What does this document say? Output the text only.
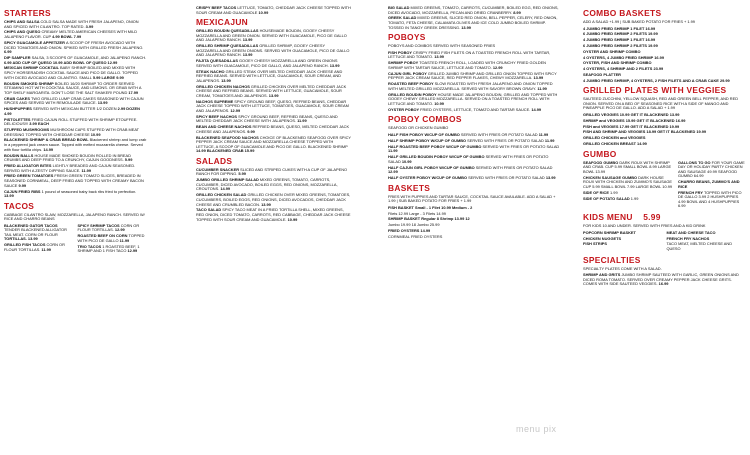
STARTERS
CHIPS AND SALSA COLD SALSA MADE WITH FRESH JALAPENO, ONION AND SPICED WITH CILANTRO. TOP RATED. 3.99
CHIPS AND QUESO CREAMY MELTED AMERICAN CHEESES WITH MILD JALAPENO FLAVOR. CUP 4.99 BOWL 7.99
SPICY GUACAMOLE APPETIZER A SCOOP OF FRESH AVOCADO WITH DICED TOMATOES AND ONION. SPIKED WITH GRILLED FRESH JALAPENO. 6.99
DIP SAMPLER SALSA, 3 SCOOPS OF GUACAMOLE, AND JALAPENO RANCH. 6.99 ADD CUP OF QUESO 10.99 ADD BOWL OF QUESO 12.99
MEXICAN SHRIMP COCKTAIL BABY SHRIMP BOILED AND MIXED WITH SPICY HORSERADISH COCKTAIL SAUCE AND PICO DE GALLO. TOPPED WITH DICED AVOCADO AND CILANTRO. SMALL 5.99 LARGE 9.99
BOUDIN SMOKED SHRIMP BOILED 16/20 SHRIMP TO ORDER SERVED STEAMING HOT WITH COCKTAIL SAUCE, AND LEMONS. OR GRAB WITH A TOP SHELF MARGARITA. DON'T LOSE THE SALT SHAKER! POUND 17.99
CRAB CAKES TWO GRILLED LUMP CRAB CAKES SEASONED WITH CAJUN SPICES AND SERVED WITH REMOULADE SAUCE. 13.99
HUSHPUPPIES SERVED WITH MEXICAN BUTTER 1/2 DOZEN 2.99 DOZEN 4.99
PISTOLETTES FRIED CAJUN ROLL STUFFED WITH SHRIMP ETOUFFEE. DELICIOUS!!! 3.99 EACH
STUFFED MUSHROOMS MUSHROOM CAPS STUFFED WITH CRAB MEAT DRESSING TOPPED WITH CHEDDAR CHEESE 10.99
BLACKENED SHRIMP & CRAB BREAD BOWL Blackened shrimp and lump crab in a peppered jack cream sauce. Topped with melted mozzarella cheese. Served with flour tortilla chips. 14.99
BOUDIN BALLS HOUSE MADE SMOKED BOUDIN ROLLED IN BREAD CRUMBS AND DEEP FRIED TO A CRUNCHY, CAJUN GOODNESS. 5.99
FRIED ALLIGATOR BITES LIGHTLY BREADED AND CAJUN SEASONED. SERVED WITH A ZESTY DIPPING SAUCE. 11.99
FRIED GREEN TOMATOES FRESH GREEN TOMATO SLICES, BREADED IN SEASONED CORNMEAL, DEEP FRIED AND TOPPED WITH CREAMY BACON SAUCE 9.99
CAJUN FRIED RIBS 1 pound of seasoned baby back ribs fried to perfection. 13.99
TACOS
CABBAGE CILANTRO SLAW, MOZZARELLA, JALAPENO RANCH. SERVED W/ RICE AND CHARRO BEANS
BLACKENED GATOR TACOS TENDER BLACKENED ALLIGATOR TAIL MEAT. CORN OR FLOUR TORTILLAS. 13.99
GRILLED FISH TACOS CORN OR FLOUR TORTILLAS. 11.99
SPICY SHRIMP TACOS CORN OR FLOUR TORTILLAS. 12.99
ROASTED BEEF ON CORN TOPPED WITH PICO DE GALLO 11.99
TRIO TACOS 1 ROASTED BEEF, 1 SHRIMP AND 1 FISH TACO 12.99
CRISPY BEEF TACOS LETTUCE, TOMATO, CHEDDAR JACK CHEESE TOPPED WITH SOUR CREAM AND GUACAMOLE 10.99
MEXICAJUN
GRILLED BOUDIN QUESADILLAS HOUSEMADE BOUDIN, GOOEY CHEESY MOZZARELLA AND GREEN ONION. SERVED WITH GUACAMOLE, PICO DE GALLO AND JALAPENO RANCH. 13.99
GRILLED SHRIMP QUESADILLAS GRILLED SHRIMP, GOOEY CHEESY MOZZARELLA AND GREEN ONIONS. SERVED WITH GUACAMOLE, PICO DE GALLO AND JALAPENO RANCH. 13.99
FAJITA QUESADILLAS GOOEY CHEESY MOZZARELLA AND GREEN ONIONS SERVED WITH GUACAMOLE, PICO DE GALLO, AND JALAPENO RANCH. 13.99
STEAK NACHO GRILLED STEAK OVER MELTED CHEDDAR JACK CHEESE AND REFRIED BEANS. SERVED WITH LETTUCE, GUACAMOLE, SOUR CREAM, AND JALAPENOS. 13.99
GRILLED CHICKEN NACHOS GRILLED CHICKEN OVER MELTED CHEDDAR JACK CHEESE AND REFRIED BEANS. SERVED WITH LETTUCE, GUACAMOLE, SOUR CREAM, TOMATOES AND JALAPENOS. 13.99
NACHOS SUPREME SPICY GROUND BEEF, QUESO, REFRIED BEANS, CHEDDAR JACK CHEESE TOPPED WITH LETTUCE, TOMATOES, GUACAMOLE, SOUR CREAM AND JALAPENOS. 12.99
SPICY BEEF NACHOS SPICY GROUND BEEF, REFRIED BEANS, QUESO AND MELTED CHEDDAR JACK CHEESE WITH JALAPENOS. 11.99
BEAN AND CHEESE NACHOS REFRIED BEANS, QUESO, MELTED CHEDDAR JACK CHEESE AND JALAPENOS. 9.99
BLACKENED SEAFOOD NACHOS CHOICE OF BLACKENED SEAFOOD OVER SPICY PEPPER JACK CREAM SAUCE AND MOZZARELLA CHEESE TOPPED WITH LETTUCE, A SCOOP OF GUACAMOLE AND PICO DE GALLO. BLACKENED SHRIMP 14.99 BLACKENED CRAB 15.99
SALADS
CUCUMBER SNACKER SLICED AND STRIPED CUKES WITH A CUP OF JALAPENO RANCH FOR DIPPING. 5.99
JUMBO GRILLED SHRIMP SALAD MIXED GREENS, TOMATO, CARROTS, CUCUMBER, DICED AVOCADO, BOILED EGGS, RED ONIONS, MOZZARELLA, CROUTONS. 14.99
GRILLED CHICKEN SALAD GRILLED CHICKEN OVER MIXED GREENS, TOMATOES, CUCUMBERS, BOILED EGGS, RED ONIONS, DICED AVOCADOS, CHEDDAR JACK CHEESE AND CRUMBLED BACON. 13.99
TACO SALAD SPICY TACO MEAT IN A FRIED TORTILLA SHELL, MIXED GREENS, RED ONION, DICED TOMATO, CARROTS, RED CABBAGE, CHEDDAR JACK CHEESE TOPPED WITH SOUR CREAM AND GUACAMOLE. 10.99
BIG SALAD MIXED GREENS, TOMATO, CARROTS, CUCUMBER, BOILED EGG, RED ONIONS, DICED AVOCADO, MOZZARELLA, PECAN AND DRIED CRANBERRY. 8.99
GREEK SALAD MIXED GREENS, SLICED RED ONION, BELL PEPPER, CELERY, RED ONION, TOMATO, FETA CHEESE, CALAMATA OLIVES AND ICE COLD JUMBO BOILED SHRIMP. TOSSED IN TANGY GREEK DRESSING. 13.99
POBOYS
POBOYS AND COMBOS SERVED WITH SEASONED FRIES
FISH POBOY CRISPY FRIED FISH FILETS ON A TOASTED FRENCH ROLL WITH TARTAR, LETTUCE AND TOMATO. 13.99
SHRIMP POBOY TOASTED FRENCH ROLL, LOADED WITH CRUNCHY FRIED GOLDEN SHRIMP WITH TARTAR SAUCE, LETTUCE AND TOMATO. 12.99
CAJUN GIRL POBOY GRILLED JUMBO SHRIMP AND GRILLED ONION TOPPED WITH SPICY PEPPER JACK CREAM SAUCE, RED PEPPER FLAKES, CHEWY MOZZARELLA. 13.99
ROASTED BEEF POBOY SLOW ROASTED WITH FRESH JALAPENO AND ONION TOPPED WITH MELTED GRILLED MOZZARELLA. SERVED WITH SAVORY BROWN GRAVY. 11.99
GRILLED BOUDIN POBOY HOUSE MADE JALAPENO BOUDIN, GRILLED AND TOPPED WITH GOOEY CHEWY GRILLED MOZZARELLA. SERVED ON A TOASTED FRENCH ROLL WITH LETTUCE AND TOMATO. 10.99
OYSTER POBOY FRIED OYSTERS, LETTUCE, TOMATO AND TARTAR SAUCE. 14.99
POBOY COMBOS
SEAFOOD OR CHICKEN GUMBO
HALF FISH POBOY W/CUP OF GUMBO SERVED WITH FRIES OR POTATO SALAD 11.99
HALF SHRIMP POBOY W/CUP OF GUMBO SERVED WITH FRIES OR POTATO SALAD 11.99
HALF ROASTED BEEF POBOY W/CUP OF GUMBO SERVED WITH FRIES OR POTATO SALAD 11.99
HALF GRILLED BOUDIN POBOY W/CUP OF GUMBO SERVED WITH FRIES OR POTATO SALAD 10.99
HALF CAJUN GIRL POBOY W/CUP OF GUMBO SERVED WITH FRIES OR POTATO SALAD 12.99
HALF OYSTER POBOY W/CUP OF GUMBO SERVED WITH FRIES OR POTATO SALAD 13.99
BASKETS
FRIES WITH PUPPIES AND TARTAR SAUCE, COCKTAIL SAUCE AVAILABLE. ADD A SALAD + 1.99 | SUB BAKED POTATO FOR FRIES + 1.99
FISH BASKET Small - 1 Filet 10.99 Medium - 2
Filets 12.99 Large - 3 Filets 14.99
SHRIMP BASKET Regular 8 Shrimp 13.99 12
Jumbo 19.99 18 Jumbo 25.99
FRIED OYSTERS 14.99
CORNMEAL FRIED OYSTERS
COMBO BASKETS
ADD A SALAD +1.99 | SUB BAKED POTATO FOR FRIES + 1.99
4 JUMBO FRIED SHRIMP 1 FILET 16.99
6 JUMBO FRIED SHRIMP 2 FILETS 19.99
4 JUMBO FRIED SHRIMP 1 FILET 16.99
6 JUMBO FRIED SHRIMP 2 FILETS 19.99
OYSTER AND SHRIMP COMBO
4 OYSTERS, 4 JUMBO FRIED SHRIMP 16.99
OYSTER, FISH AND SHRIMP COMBO
4 OYSTERS, 4 SHRIMP AND 2 FILETS 23.99
SEAFOOD PLATTER
4 JUMBO FRIED SHRIMP, 4 OYSTERS, 2 FISH FILETS AND A CRAB CAKE 29.99
GRILLED PLATES WITH VEGGIES
SAUTEED ZUCCHINI, YELLOW SQUASH, RED AND GREEN BELL PEPPER, AND RED ONION. SERVED ON A BED OF SEASONED RICE WITH A SIDE OF MANGO AND PINEAPPLE PICO DE GALLO. ADD A SALAD + 1.99
GRILLED VEGGIES 10.99 GET IT BLACKENED 13.99
SHRIMP and VEGGIES 15.99 GET IT BLACKENED 16.99
FISH and VEGGIES 17.99 GET IT BLACKENED 19.99
FISH AND SHRIMP AND VEGGIES 18.99 GET IT BLACKENED 19.99
GRILLED CHICKEN and VEGGIES
GRILLED CHICKEN BREAST 14.99
GUMBO
SEAFOOD GUMBO DARK ROUX WITH SHRIMP AND CRAB. CUP 5.99 SMALL BOWL 8.99 LARGE BOWL 13.99
CHICKEN SAUSAGE GUMBO DARK HOUSE ROUX WITH CHICKEN AND ZUMMO'S SAUSAGE CUP 5.99 SMALL BOWL 7.99 LARGE BOWL 10.99
SIDE OF RICE 1.99
SIDE OF POTATO SALAD 1.99
GALLONS TO GO FOR YOUR GAME DAY OR HOLIDAY PARTY CHICKEN AND SAUSAGE 49.99 SEAFOOD GUMBO 64.99
CHARRO BEANS, ZUMMO'S AND RICE
FRENCH FRY TOPPED WITH PICO DE GALLO 3.99 2 HUSHPUPPIES 4.99 BOWL AND 4 HUSHPUPPIES 6.99
KIDS MENU 5.99
FOR KIDS 10 AND UNDER. SERVED WITH FRIES AND A KID DRINK
POPCORN SHRIMP BASKET
CHICKEN NUGGETS
FISH STRIPS
MEAT AND CHEESE TACO
FRENCH FRY NACHOS
TACO MEAT, MELTED CHEESE AND QUESO
SPECIALTIES
SPECIALTY PLATES COME WITH A SALAD.
SHRIMP AND GRITS JUMBO SHRIMP SAUTEED WITH GARLIC, GREEN ONIONS AND DICED ROMA TOMATO. SERVED OVER CREAMY PEPPER JACK CHEESE GRITS. COMES WITH SIDE SAUTEED VEGGIES. 16.99
menu pix
